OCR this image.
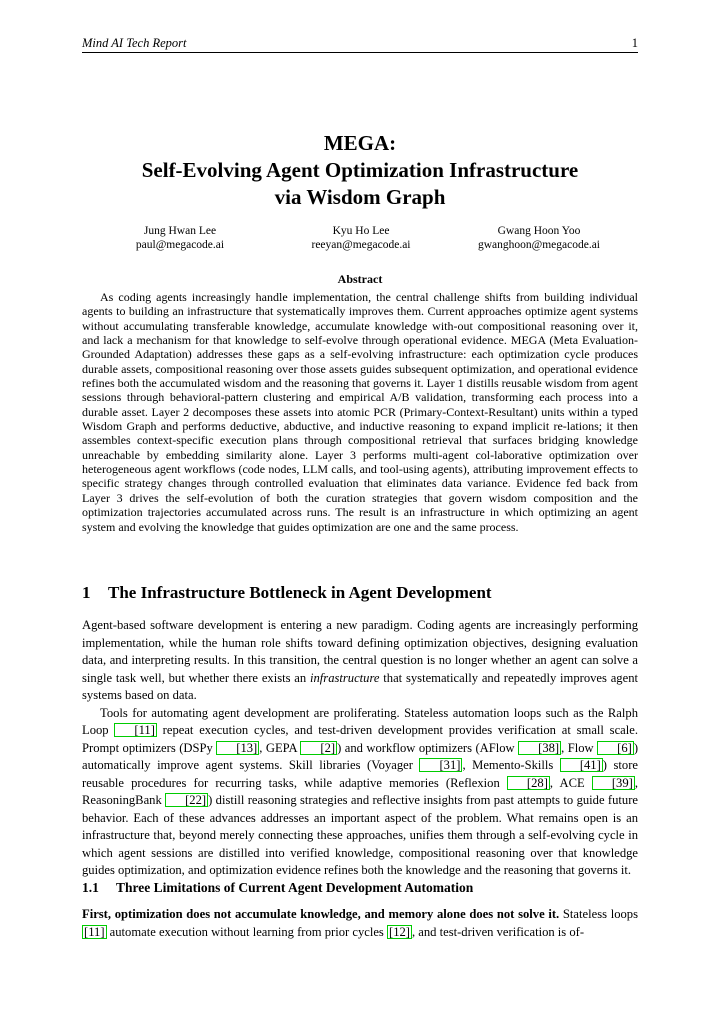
Mind AI Tech Report	1
MEGA:
Self-Evolving Agent Optimization Infrastructure
via Wisdom Graph
Jung Hwan Lee
paul@megacode.ai
Kyu Ho Lee
reeyan@megacode.ai
Gwang Hoon Yoo
gwanghoon@megacode.ai
Abstract
As coding agents increasingly handle implementation, the central challenge shifts from building individual agents to building an infrastructure that systematically improves them. Current approaches optimize agent systems without accumulating transferable knowledge, accumulate knowledge with-out compositional reasoning over it, and lack a mechanism for that knowledge to self-evolve through operational evidence. MEGA (Meta Evaluation-Grounded Adaptation) addresses these gaps as a self-evolving infrastructure: each optimization cycle produces durable assets, compositional reasoning over those assets guides subsequent optimization, and operational evidence refines both the accumulated wisdom and the reasoning that governs it. Layer 1 distills reusable wisdom from agent sessions through behavioral-pattern clustering and empirical A/B validation, transforming each process into a durable asset. Layer 2 decomposes these assets into atomic PCR (Primary-Context-Resultant) units within a typed Wisdom Graph and performs deductive, abductive, and inductive reasoning to expand implicit re-lations; it then assembles context-specific execution plans through compositional retrieval that surfaces bridging knowledge unreachable by embedding similarity alone. Layer 3 performs multi-agent col-laborative optimization over heterogeneous agent workflows (code nodes, LLM calls, and tool-using agents), attributing improvement effects to specific strategy changes through controlled evaluation that eliminates data variance. Evidence fed back from Layer 3 drives the self-evolution of both the curation strategies that govern wisdom composition and the optimization trajectories accumulated across runs. The result is an infrastructure in which optimizing an agent system and evolving the knowledge that guides optimization are one and the same process.
1 The Infrastructure Bottleneck in Agent Development

Agent-based software development is entering a new paradigm. Coding agents are increasingly performing implementation, while the human role shifts toward defining optimization objectives, designing evaluation data, and interpreting results. In this transition, the central question is no longer whether an agent can solve a single task well, but whether there exists an infrastructure that systematically and repeatedly improves agent systems based on data.

Tools for automating agent development are proliferating. Stateless automation loops such as the Ralph Loop [11] repeat execution cycles, and test-driven development provides verification at small scale. Prompt optimizers (DSPy [13] , GEPA [2] ) and workflow optimizers (AFlow [38] , Flow [6] ) automatically improve agent systems. Skill libraries (Voyager [31] , Memento-Skills [41] ) store reusable procedures for recurring tasks, while adaptive memories (Reflexion [28] , ACE [39] , ReasoningBank [22] ) distill reasoning strategies and reflective insights from past attempts to guide future behavior. Each of these advances addresses an important aspect of the problem. What remains open is an infrastructure that, beyond merely connecting these approaches, unifies them through a self-evolving cycle in which agent sessions are distilled into verified knowledge, compositional reasoning over that knowledge guides optimization, and optimization evidence refines both the knowledge and the reasoning that governs it.

1.1 Three Limitations of Current Agent Development Automation

First, optimization does not accumulate knowledge, and memory alone does not solve it. Stateless loops [11] automate execution without learning from prior cycles [12] , and test-driven verification is of-
